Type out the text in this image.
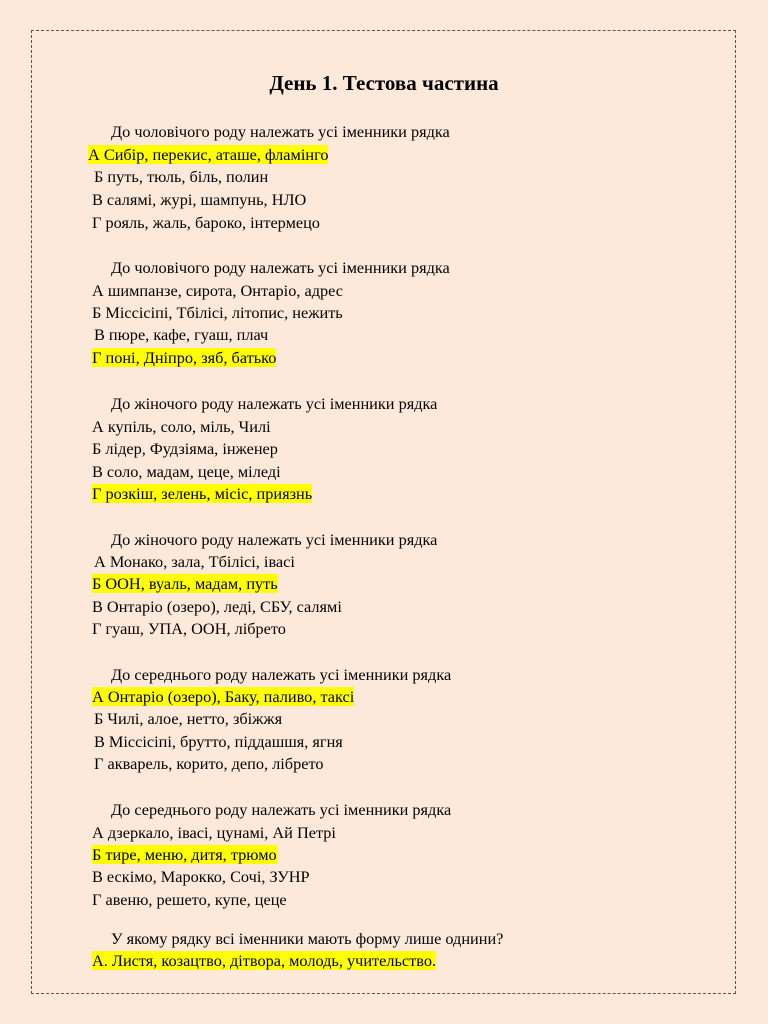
День 1. Тестова частина
До чоловічого роду належать усі іменники рядка
А Сибір, перекис, аташе, фламінго
Б путь, тюль, біль, полин
В салямі, журі, шампунь, НЛО
Г рояль, жаль, бароко, інтермецо
До чоловічого роду належать усі іменники рядка
А шимпанзе, сирота, Онтаріо, адрес
Б Міссісіпі, Тбілісі, літопис, нежить
В пюре, кафе, гуаш, плач
Г поні, Дніпро, зяб, батько
До жіночого роду належать усі іменники рядка
А купіль, соло, міль, Чилі
Б лідер, Фудзіяма, інженер
В соло, мадам, цеце, міледі
Г розкіш, зелень, місіс, приязнь
До жіночого роду належать усі іменники рядка
А Монако, зала, Тбілісі, івасі
Б ООН, вуаль, мадам, путь
В Онтаріо (озеро), леді, СБУ, салямі
Г гуаш, УПА, ООН, лібрето
До середнього роду належать усі іменники рядка
А Онтаріо (озеро), Баку, паливо, таксі
Б Чилі, алое, нетто, збіжжя
В Міссісіпі, брутто, піддашшя, ягня
Г акварель, корито, депо, лібрето
До середнього роду належать усі іменники рядка
А дзеркало, івасі, цунамі, Ай Петрі
Б тире, меню, дитя, трюмо
В ескімо, Марокко, Сочі, ЗУНР
Г авеню, решето, купе, цеце
У якому рядку всі іменники мають форму лише однини?
А. Листя, козацтво, дітвора, молодь, учительство.
